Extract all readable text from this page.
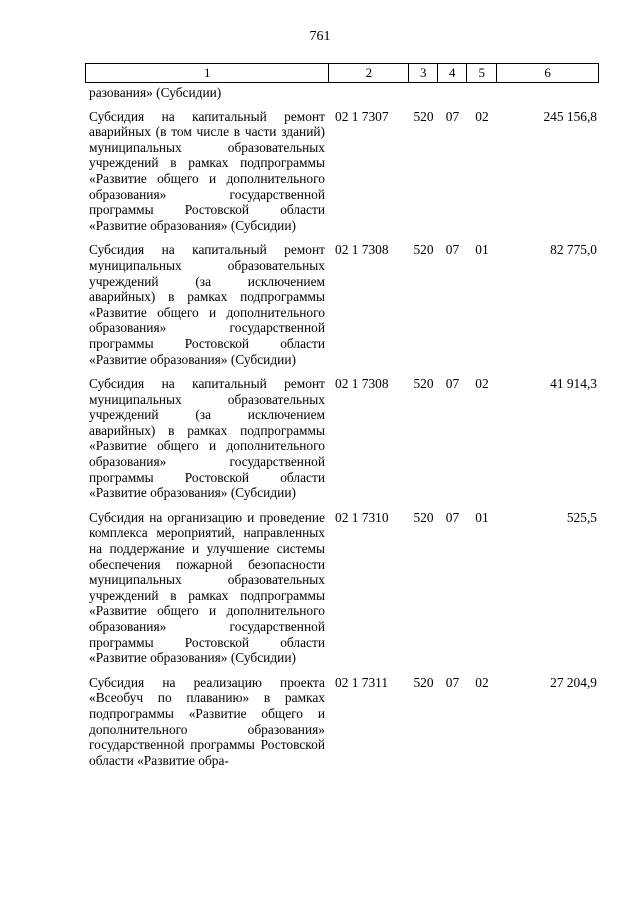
761
1	2	3	4	5	6
разования» (Субсидии)					
Субсидия на капитальный ремонт аварийных (в том числе в части зданий) муниципальных образовательных учреждений в рамках подпрограммы «Развитие общего и дополнительного образования» государственной программы Ростовской области «Развитие образования» (Субсидии)	02 1 7307	520	07	02	245 156,8
Субсидия на капитальный ремонт муниципальных образовательных учреждений (за исключением аварийных) в рамках подпрограммы «Развитие общего и дополнительного образования» государственной программы Ростовской области «Развитие образования» (Субсидии)	02 1 7308	520	07	01	82 775,0
Субсидия на капитальный ремонт муниципальных образовательных учреждений (за исключением аварийных) в рамках подпрограммы «Развитие общего и дополнительного образования» государственной программы Ростовской области «Развитие образования» (Субсидии)	02 1 7308	520	07	02	41 914,3
Субсидия на организацию и проведение комплекса мероприятий, направленных на поддержание и улучшение системы обеспечения пожарной безопасности муниципальных образовательных учреждений в рамках подпрограммы «Развитие общего и дополнительного образования» государственной программы Ростовской области «Развитие образования» (Субсидии)	02 1 7310	520	07	01	525,5
Субсидия на реализацию проекта «Всеобуч по плаванию» в рамках подпрограммы «Развитие общего и дополнительного образования» государственной программы Ростовской области «Развитие обра-	02 1 7311	520	07	02	27 204,9
